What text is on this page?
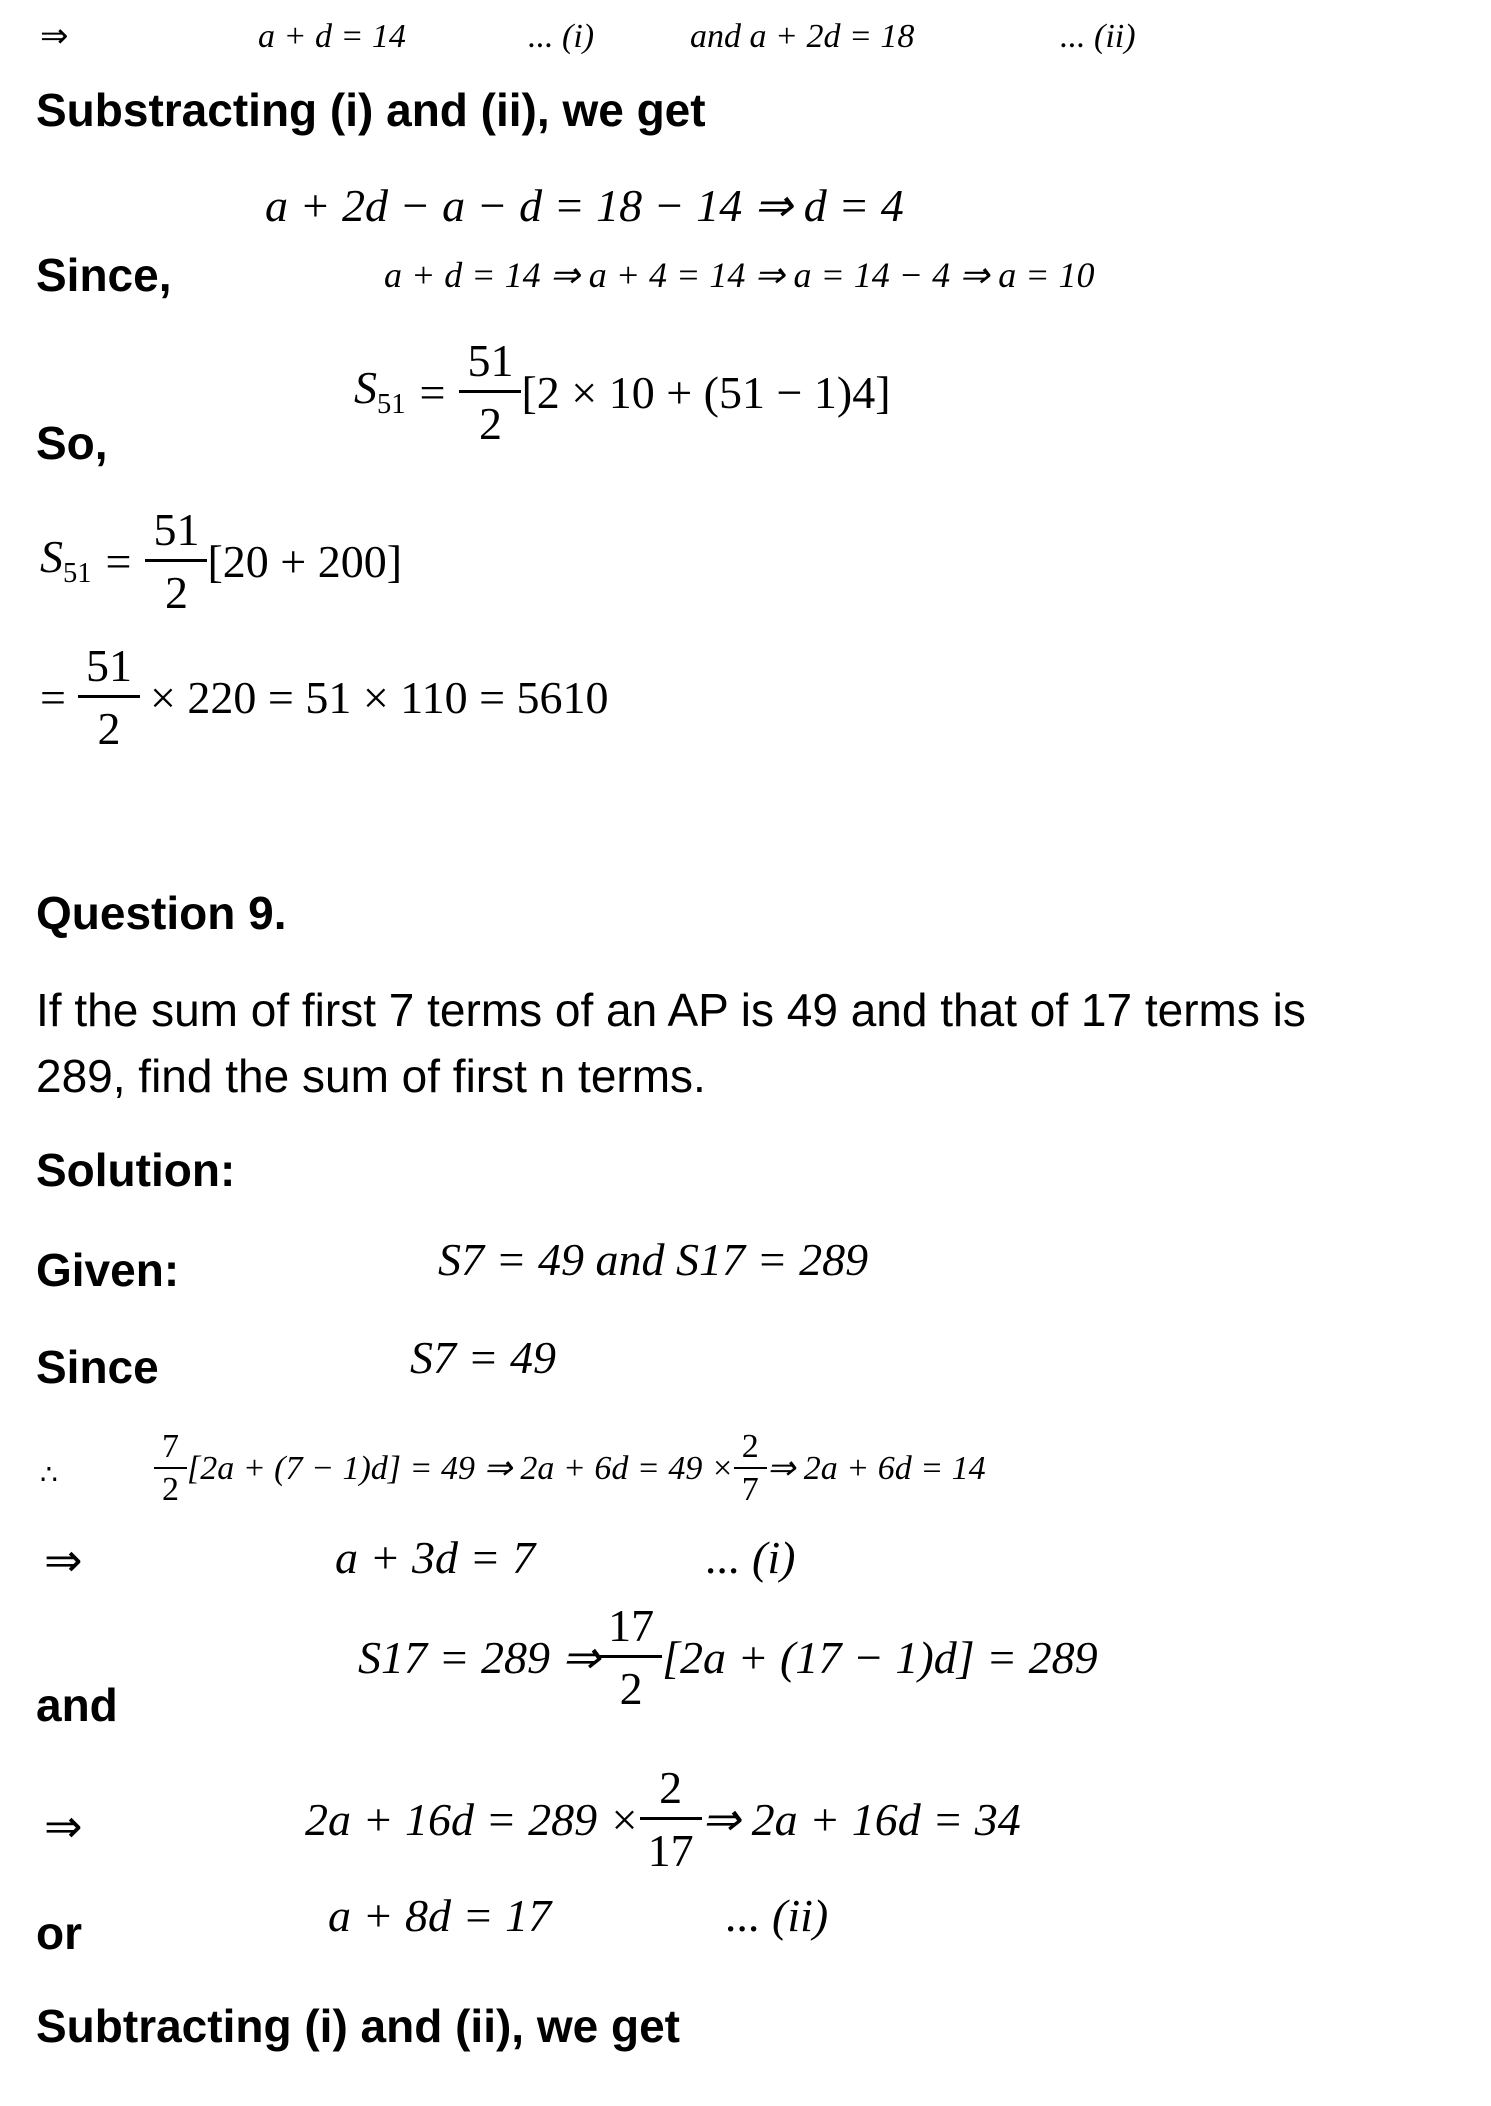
⇒	a + d = 14	... (i)	and a + 2d = 18	... (ii)
Substracting (i) and (ii), we get
a + 2d − a − d = 18 − 14 ⇒ d = 4
Since,	a + d = 14 ⇒ a + 4 = 14 ⇒ a = 14 − 4 ⇒ a = 10
$S_{51} = \frac{51}{2} [2 \times 10 + (51 - 1)4]$
So,
$S_{51} = \frac{51}{2} [20 + 200]$
= $\frac{51}{2} \times 220 = 51 \times 110 = 5610$
Question 9.
If the sum of first 7 terms of an AP is 49 and that of 17 terms is
289, find the sum of first n terms.
Solution:
Given:	S7 = 49 and S17 = 289
Since	S7 = 49
∴	$\frac{7}{2} [2a + (7 - 1)d] = 49$ ⇒ $2a + 6d = 49 \times \frac{2}{7}$ ⇒ 2a + 6d = 14
⇒	a + 3d = 7	... (i)
S17 = 289 ⇒ $\frac{17}{2} [2a + (17 - 1)d] = 289$
and
⇒	$2a + 16d = 289 \times \frac{2}{17}$ ⇒ 2a + 16d = 34
or	a + 8d = 17	... (ii)
Subtracting (i) and (ii), we get
